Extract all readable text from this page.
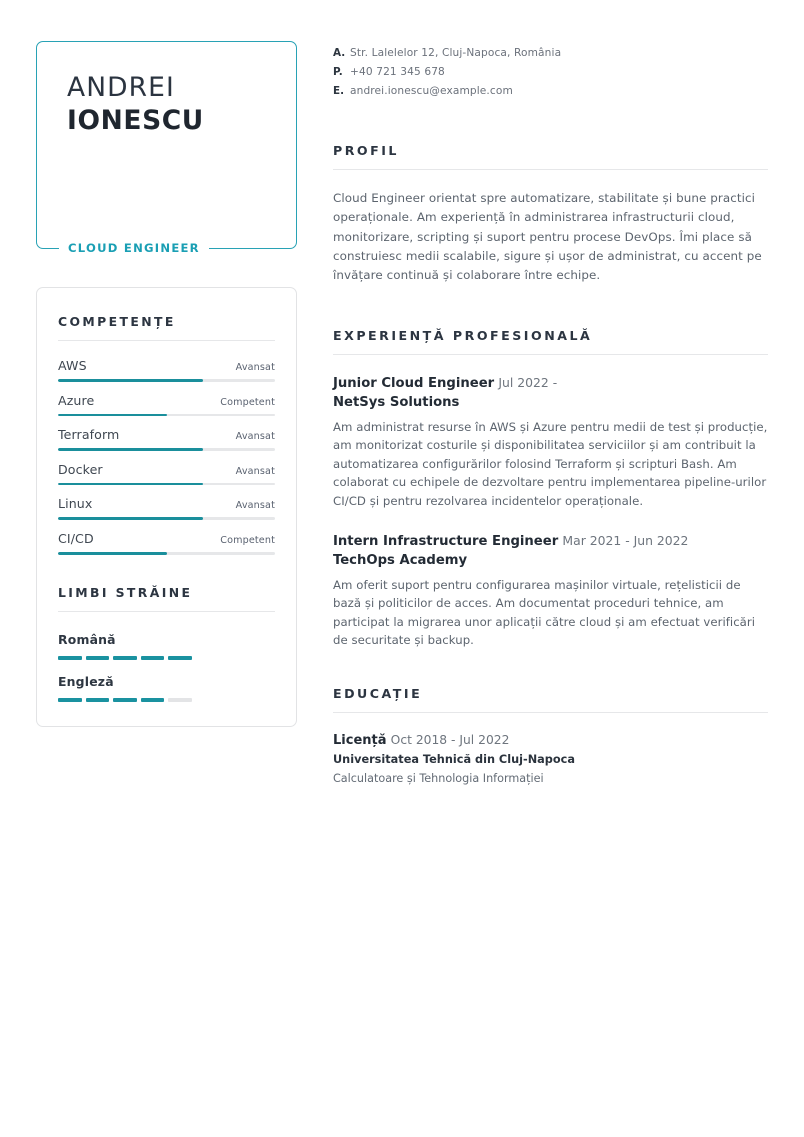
ANDREI
IONESCU
CLOUD ENGINEER
COMPETENȚE
AWS	Avansat
Azure	Competent
Terraform	Avansat
Docker	Avansat
Linux	Avansat
CI/CD	Competent
LIMBI STRĂINE
Română
Engleză
A. Str. Lalelelor 12, Cluj-Napoca, România
P. +40 721 345 678
E. andrei.ionescu@example.com
PROFIL
Cloud Engineer orientat spre automatizare, stabilitate și bune practici operaționale. Am experiență în administrarea infrastructurii cloud, monitorizare, scripting și suport pentru procese DevOps. Îmi place să construiesc medii scalabile, sigure și ușor de administrat, cu accent pe învățare continuă și colaborare între echipe.
EXPERIENȚĂ PROFESIONALĂ
Junior Cloud Engineer Jul 2022 -
NetSys Solutions
Am administrat resurse în AWS și Azure pentru medii de test și producție, am monitorizat costurile și disponibilitatea serviciilor și am contribuit la automatizarea configurărilor folosind Terraform și scripturi Bash. Am colaborat cu echipele de dezvoltare pentru implementarea pipeline-urilor CI/CD și pentru rezolvarea incidentelor operaționale.
Intern Infrastructure Engineer Mar 2021 - Jun 2022
TechOps Academy
Am oferit suport pentru configurarea mașinilor virtuale, rețelisticii de bază și politicilor de acces. Am documentat proceduri tehnice, am participat la migrarea unor aplicații către cloud și am efectuat verificări de securitate și backup.
EDUCAȚIE
Licență Oct 2018 - Jul 2022
Universitatea Tehnică din Cluj-Napoca
Calculatoare și Tehnologia Informației
